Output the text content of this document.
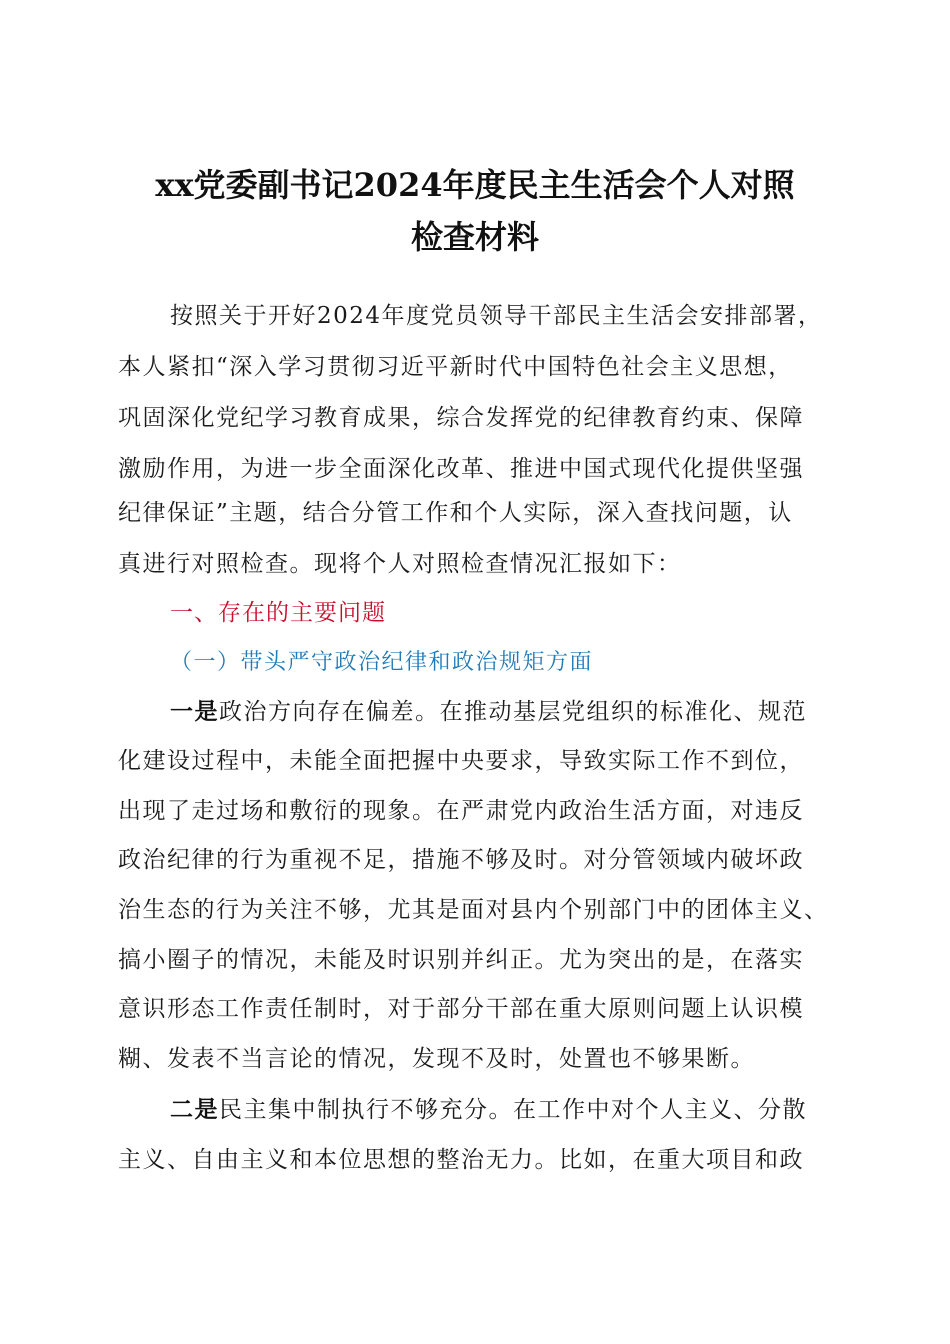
xx党委副书记2024年度民主生活会个人对照
检查材料
按照关于开好2024年度党员领导干部民主生活会安排部署，
本人紧扣“深入学习贯彻习近平新时代中国特色社会主义思想，
巩固深化党纪学习教育成果，综合发挥党的纪律教育约束、保障
激励作用，为进一步全面深化改革、推进中国式现代化提供坚强
纪律保证”主题，结合分管工作和个人实际，深入查找问题，认
真进行对照检查。现将个人对照检查情况汇报如下：
一、存在的主要问题
（一）带头严守政治纪律和政治规矩方面
一是政治方向存在偏差。在推动基层党组织的标准化、规范
化建设过程中，未能全面把握中央要求，导致实际工作不到位，
出现了走过场和敷衍的现象。在严肃党内政治生活方面，对违反
政治纪律的行为重视不足，措施不够及时。对分管领域内破坏政
治生态的行为关注不够，尤其是面对县内个别部门中的团体主义、
搞小圈子的情况，未能及时识别并纠正。尤为突出的是，在落实
意识形态工作责任制时，对于部分干部在重大原则问题上认识模
糊、发表不当言论的情况，发现不及时，处置也不够果断。
二是民主集中制执行不够充分。在工作中对个人主义、分散
主义、自由主义和本位思想的整治无力。比如，在重大项目和政
